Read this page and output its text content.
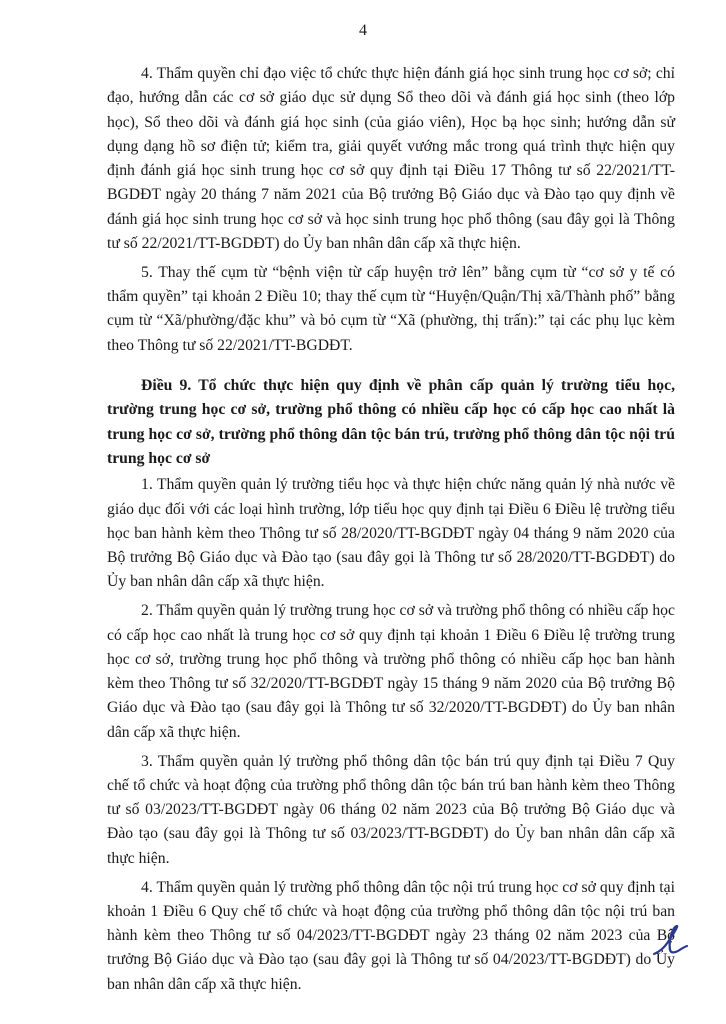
4

4. Thẩm quyền chỉ đạo việc tổ chức thực hiện đánh giá học sinh trung học cơ sở; chỉ đạo, hướng dẫn các cơ sở giáo dục sử dụng Sổ theo dõi và đánh giá học sinh (theo lớp học), Sổ theo dõi và đánh giá học sinh (của giáo viên), Học bạ học sinh; hướng dẫn sử dụng dạng hồ sơ điện tử; kiểm tra, giải quyết vướng mắc trong quá trình thực hiện quy định đánh giá học sinh trung học cơ sở quy định tại Điều 17 Thông tư số 22/2021/TT-BGDĐT ngày 20 tháng 7 năm 2021 của Bộ trưởng Bộ Giáo dục và Đào tạo quy định về đánh giá học sinh trung học cơ sở và học sinh trung học phổ thông (sau đây gọi là Thông tư số 22/2021/TT-BGDĐT) do Ủy ban nhân dân cấp xã thực hiện.

5. Thay thế cụm từ “bệnh viện từ cấp huyện trở lên” bằng cụm từ “cơ sở y tế có thẩm quyền” tại khoản 2 Điều 10; thay thế cụm từ “Huyện/Quận/Thị xã/Thành phố” bằng cụm từ “Xã/phường/đặc khu” và bỏ cụm từ “Xã (phường, thị trấn):” tại các phụ lục kèm theo Thông tư số 22/2021/TT-BGDĐT.

Điều 9. Tổ chức thực hiện quy định về phân cấp quản lý trường tiểu học, trường trung học cơ sở, trường phổ thông có nhiều cấp học có cấp học cao nhất là trung học cơ sở, trường phổ thông dân tộc bán trú, trường phổ thông dân tộc nội trú trung học cơ sở

1. Thẩm quyền quản lý trường tiểu học và thực hiện chức năng quản lý nhà nước về giáo dục đối với các loại hình trường, lớp tiểu học quy định tại Điều 6 Điều lệ trường tiểu học ban hành kèm theo Thông tư số 28/2020/TT-BGDĐT ngày 04 tháng 9 năm 2020 của Bộ trưởng Bộ Giáo dục và Đào tạo (sau đây gọi là Thông tư số 28/2020/TT-BGDĐT) do Ủy ban nhân dân cấp xã thực hiện.

2. Thẩm quyền quản lý trường trung học cơ sở và trường phổ thông có nhiều cấp học có cấp học cao nhất là trung học cơ sở quy định tại khoản 1 Điều 6 Điều lệ trường trung học cơ sở, trường trung học phổ thông và trường phổ thông có nhiều cấp học ban hành kèm theo Thông tư số 32/2020/TT-BGDĐT ngày 15 tháng 9 năm 2020 của Bộ trưởng Bộ Giáo dục và Đào tạo (sau đây gọi là Thông tư số 32/2020/TT-BGDĐT) do Ủy ban nhân dân cấp xã thực hiện.

3. Thẩm quyền quản lý trường phổ thông dân tộc bán trú quy định tại Điều 7 Quy chế tổ chức và hoạt động của trường phổ thông dân tộc bán trú ban hành kèm theo Thông tư số 03/2023/TT-BGDĐT ngày 06 tháng 02 năm 2023 của Bộ trưởng Bộ Giáo dục và Đào tạo (sau đây gọi là Thông tư số 03/2023/TT-BGDĐT) do Ủy ban nhân dân cấp xã thực hiện.

4. Thẩm quyền quản lý trường phổ thông dân tộc nội trú trung học cơ sở quy định tại khoản 1 Điều 6 Quy chế tổ chức và hoạt động của trường phổ thông dân tộc nội trú ban hành kèm theo Thông tư số 04/2023/TT-BGDĐT ngày 23 tháng 02 năm 2023 của Bộ trưởng Bộ Giáo dục và Đào tạo (sau đây gọi là Thông tư số 04/2023/TT-BGDĐT) do Ủy ban nhân dân cấp xã thực hiện.
